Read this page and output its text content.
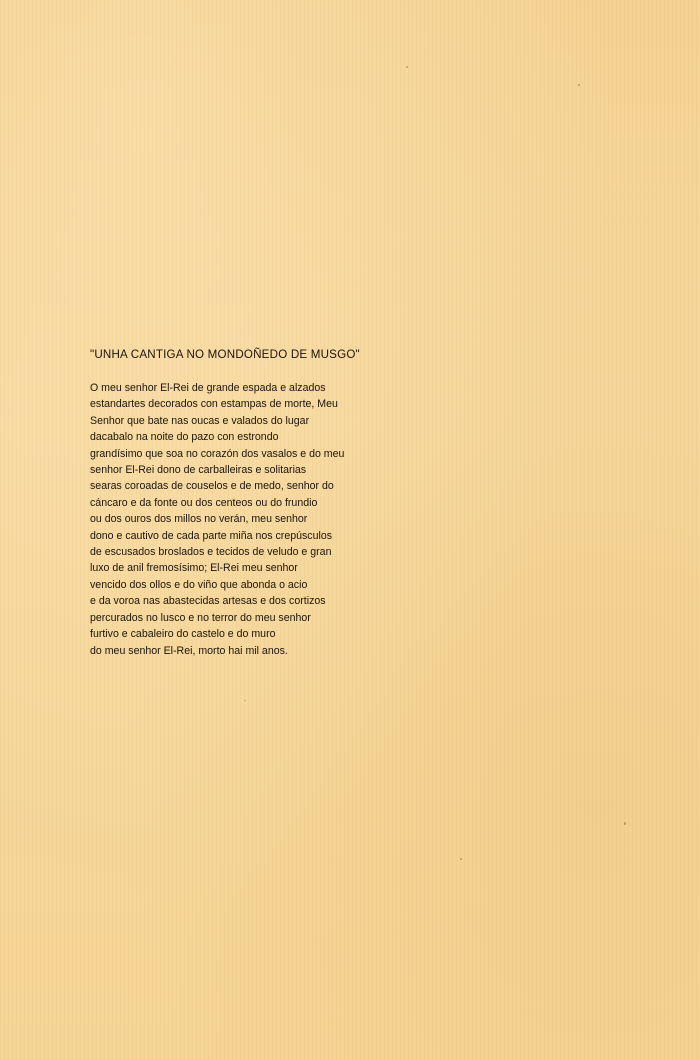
"UNHA CANTIGA NO MONDOÑEDO DE MUSGO"

O meu senhor El-Rei de grande espada e alzados
estandartes decorados con estampas de morte, Meu
Senhor que bate nas oucas e valados do lugar
dacabalo na noite do pazo con estrondo
grandísimo que soa no corazón dos vasalos e do meu
senhor El-Rei dono de carballeiras e solitarias
searas coroadas de couselos e de medo, senhor do
cáncaro e da fonte ou dos centeos ou do frundio
ou dos ouros dos millos no verán, meu senhor
dono e cautivo de cada parte miña nos crepúsculos
de escusados broslados e tecidos de veludo e gran
luxo de anil fremosísimo; El-Rei meu senhor
vencido dos ollos e do viño que abonda o acio
e da voroa nas abastecidas artesas e dos cortizos
percurados no lusco e no terror do meu senhor
furtivo e cabaleiro do castelo e do muro
do meu senhor El-Rei, morto hai mil anos.
